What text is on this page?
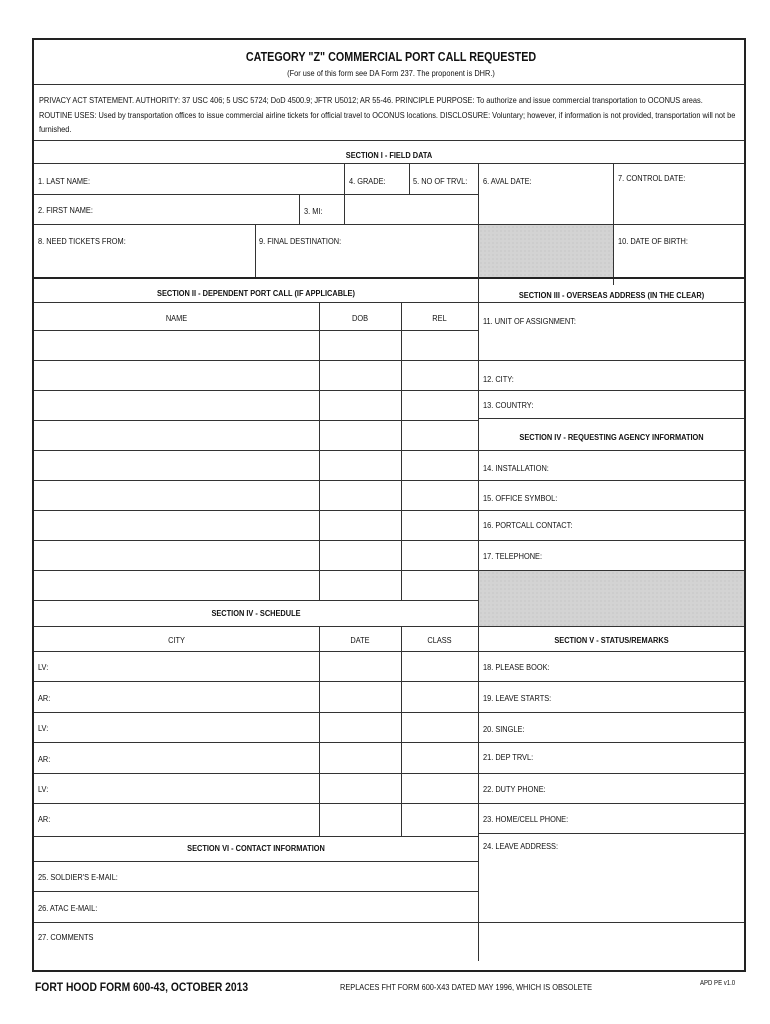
CATEGORY "Z" COMMERCIAL PORT CALL REQUESTED
(For use of this form see DA Form 237. The proponent is DHR.)
PRIVACY ACT STATEMENT. AUTHORITY: 37 USC 406; 5 USC 5724; DoD 4500.9; JFTR U5012; AR 55-46. PRINCIPLE PURPOSE: To authorize and issue commercial transportation to OCONUS areas. ROUTINE USES: Used by transportation offices to issue commercial airline tickets for official travel to OCONUS locations. DISCLOSURE: Voluntary; however, if information is not provided, transportation will not be furnished.
SECTION I - FIELD DATA
1. LAST NAME:	4. GRADE:	5. NO OF TRVL: 6. AVAL DATE:	7. CONTROL DATE:
2. FIRST NAME:	3. MI:
8. NEED TICKETS FROM:	9. FINAL DESTINATION:	10. DATE OF BIRTH:
SECTION II - DEPENDENT PORT CALL (IF APPLICABLE)	SECTION III - OVERSEAS ADDRESS (IN THE CLEAR)
NAME	DOB	REL
SECTION IV - SCHEDULE
CITY	DATE	CLASS
LV:
AR:
LV:
AR:
LV:
AR:
SECTION VI - CONTACT INFORMATION
25. SOLDIER'S E-MAIL:
26. ATAC E-MAIL:
27. COMMENTS
11. UNIT OF ASSIGNMENT:
12. CITY:
13. COUNTRY:
SECTION IV - REQUESTING AGENCY INFORMATION
14. INSTALLATION:
15. OFFICE SYMBOL:
16. PORTCALL CONTACT:
17. TELEPHONE:
SECTION V - STATUS/REMARKS
18. PLEASE BOOK:
19. LEAVE STARTS:
20. SINGLE:
21. DEP TRVL:
22. DUTY PHONE:
23. HOME/CELL PHONE:
24. LEAVE ADDRESS:
FORT HOOD FORM 600-43, OCTOBER 2013	REPLACES FHT FORM 600-X43 DATED MAY 1996, WHICH IS OBSOLETE	APD PE v1.0
